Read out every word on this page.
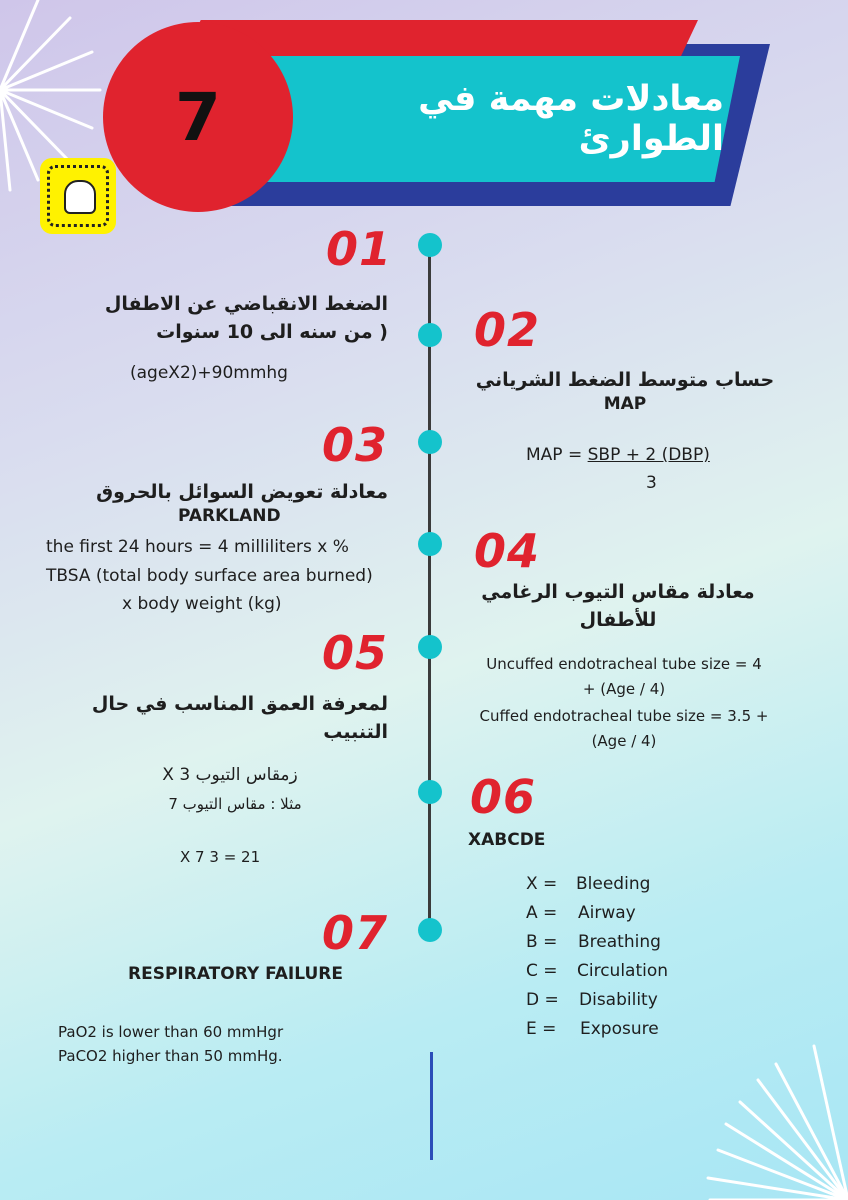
معادلات مهمة في الطوارئ
7
01
الضغط الانقباضي عن الاطفال
( من سنه الى 10 سنوات
(ageX2)+90mmhg
02
حساب متوسط الضغط الشرياني
MAP
MAP = SBP + 2 (DBP)
3
03
معادلة تعويض السوائل بالحروق
PARKLAND
the first 24 hours = 4 milliliters x %
TBSA (total body surface area burned)
x body weight (kg)
04
معادلة مقاس التيوب الرغامي
للأطفال
Uncuffed endotracheal tube size = 4
+ (Age / 4)
Cuffed endotracheal tube size = 3.5 +
(Age / 4)
05
لمعرفة العمق المناسب في حال
التنبيب
زمقاس التيوب 3 X
مثلا : مقاس التيوب 7
21 = 3 X 7
06
XABCDE
X =	Bleeding
A =	Airway
B =	Breathing
C =	Circulation
D =	Disability
E =	Exposure
07
RESPIRATORY FAILURE
PaO2 is lower than 60 mmHgr
PaCO2 higher than 50 mmHg.
